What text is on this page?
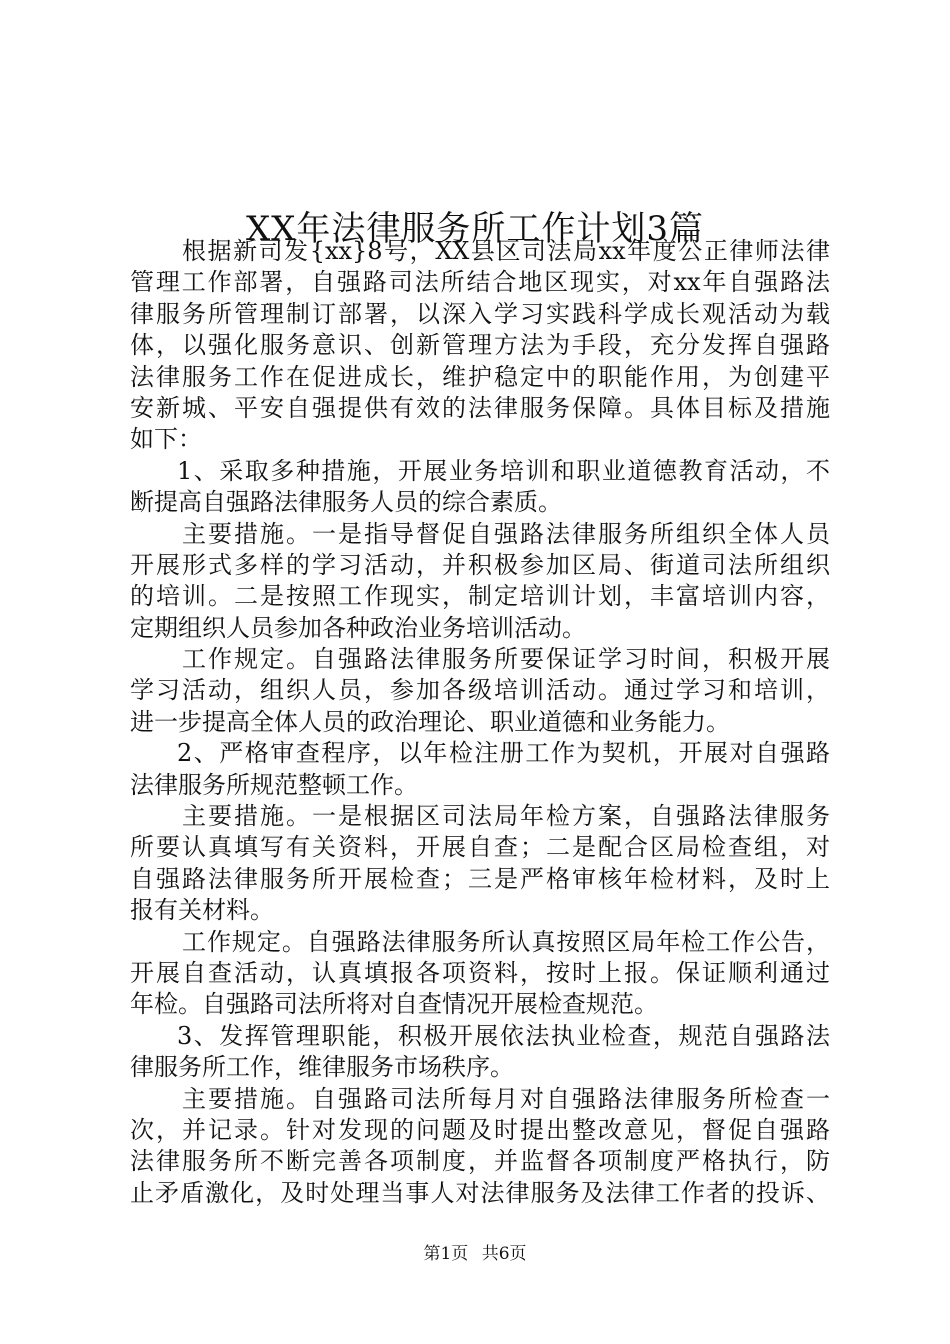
XX年法律服务所工作计划3篇
根据新司发{xx}8号，XX县区司法局xx年度公正律师法律
管理工作部署，自强路司法所结合地区现实，对xx年自强路法
律服务所管理制订部署，以深入学习实践科学成长观活动为载
体，以强化服务意识、创新管理方法为手段，充分发挥自强路
法律服务工作在促进成长，维护稳定中的职能作用，为创建平
安新城、平安自强提供有效的法律服务保障。具体目标及措施
如下：
1、采取多种措施，开展业务培训和职业道德教育活动，不
断提高自强路法律服务人员的综合素质。
主要措施。一是指导督促自强路法律服务所组织全体人员
开展形式多样的学习活动，并积极参加区局、街道司法所组织
的培训。二是按照工作现实，制定培训计划，丰富培训内容，
定期组织人员参加各种政治业务培训活动。
工作规定。自强路法律服务所要保证学习时间，积极开展
学习活动，组织人员，参加各级培训活动。通过学习和培训，
进一步提高全体人员的政治理论、职业道德和业务能力。
2、严格审查程序，以年检注册工作为契机，开展对自强路
法律服务所规范整顿工作。
主要措施。一是根据区司法局年检方案，自强路法律服务
所要认真填写有关资料，开展自查；二是配合区局检查组，对
自强路法律服务所开展检查；三是严格审核年检材料，及时上
报有关材料。
工作规定。自强路法律服务所认真按照区局年检工作公告，
开展自查活动，认真填报各项资料，按时上报。保证顺利通过
年检。自强路司法所将对自查情况开展检查规范。
3、发挥管理职能，积极开展依法执业检查，规范自强路法
律服务所工作，维律服务市场秩序。
主要措施。自强路司法所每月对自强路法律服务所检查一
次，并记录。针对发现的问题及时提出整改意见，督促自强路
法律服务所不断完善各项制度，并监督各项制度严格执行，防
止矛盾激化，及时处理当事人对法律服务及法律工作者的投诉、
第1页 共6页
